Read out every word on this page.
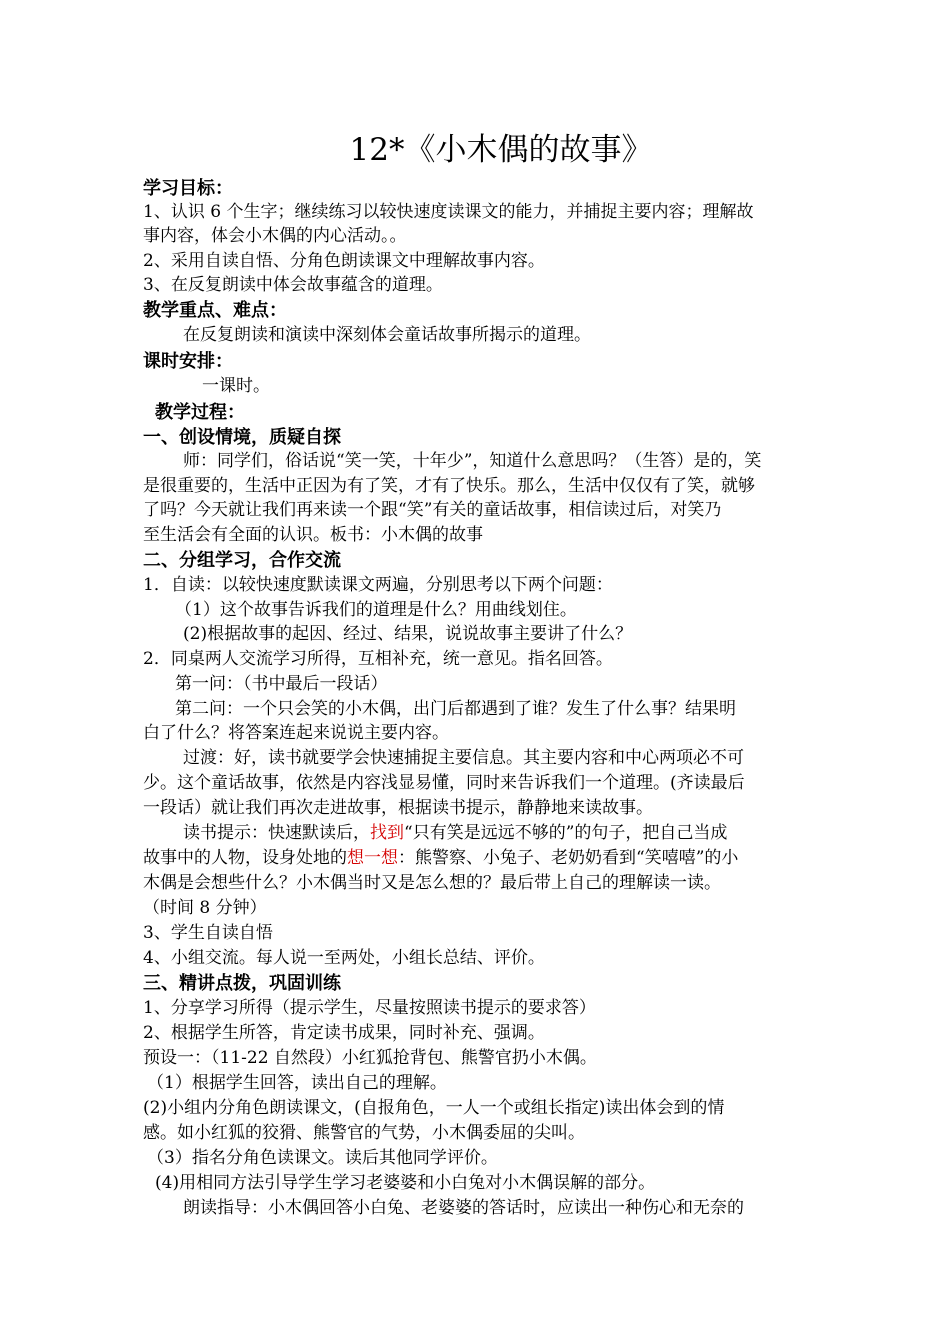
12*《小木偶的故事》
学习目标：
1、认识 6 个生字；继续练习以较快速度读课文的能力，并捕捉主要内容；理解故
事内容，体会小木偶的内心活动。。
2、采用自读自悟、分角色朗读课文中理解故事内容。
3、在反复朗读中体会故事蕴含的道理。
教学重点、难点：
在反复朗读和演读中深刻体会童话故事所揭示的道理。
课时安排：
一课时。
教学过程：
一、创设情境，质疑自探
师：同学们，俗话说“笑一笑，十年少”，知道什么意思吗？（生答）是的，笑
是很重要的，生活中正因为有了笑，才有了快乐。那么，生活中仅仅有了笑，就够
了吗？今天就让我们再来读一个跟“笑”有关的童话故事，相信读过后，对笑乃
至生活会有全面的认识。板书：小木偶的故事
二、分组学习，合作交流
1．自读：以较快速度默读课文两遍，分别思考以下两个问题：
（1）这个故事告诉我们的道理是什么？用曲线划住。
(2)根据故事的起因、经过、结果，说说故事主要讲了什么？
2．同桌两人交流学习所得，互相补充，统一意见。指名回答。
第一问：（书中最后一段话）
第二问：一个只会笑的小木偶，出门后都遇到了谁？发生了什么事？结果明
白了什么？将答案连起来说说主要内容。
过渡：好，读书就要学会快速捕捉主要信息。其主要内容和中心两项必不可
少。这个童话故事，依然是内容浅显易懂，同时来告诉我们一个道理。(齐读最后
一段话）就让我们再次走进故事，根据读书提示，静静地来读故事。
读书提示：快速默读后，找到“只有笑是远远不够的”的句子，把自己当成
故事中的人物，设身处地的想一想：熊警察、小兔子、老奶奶看到“笑嘻嘻”的小
木偶是会想些什么？小木偶当时又是怎么想的？最后带上自己的理解读一读。
（时间 8 分钟）
3、学生自读自悟
4、小组交流。每人说一至两处，小组长总结、评价。
三、精讲点拨，巩固训练
1、分享学习所得（提示学生，尽量按照读书提示的要求答）
2、根据学生所答，肯定读书成果，同时补充、强调。
预设一：（11-22 自然段）小红狐抢背包、熊警官扔小木偶。
（1）根据学生回答，读出自己的理解。
(2)小组内分角色朗读课文，(自报角色，一人一个或组长指定)读出体会到的情
感。如小红狐的狡猾、熊警官的气势，小木偶委屈的尖叫。
（3）指名分角色读课文。读后其他同学评价。
(4)用相同方法引导学生学习老婆婆和小白兔对小木偶误解的部分。
朗读指导：小木偶回答小白兔、老婆婆的答话时，应读出一种伤心和无奈的
